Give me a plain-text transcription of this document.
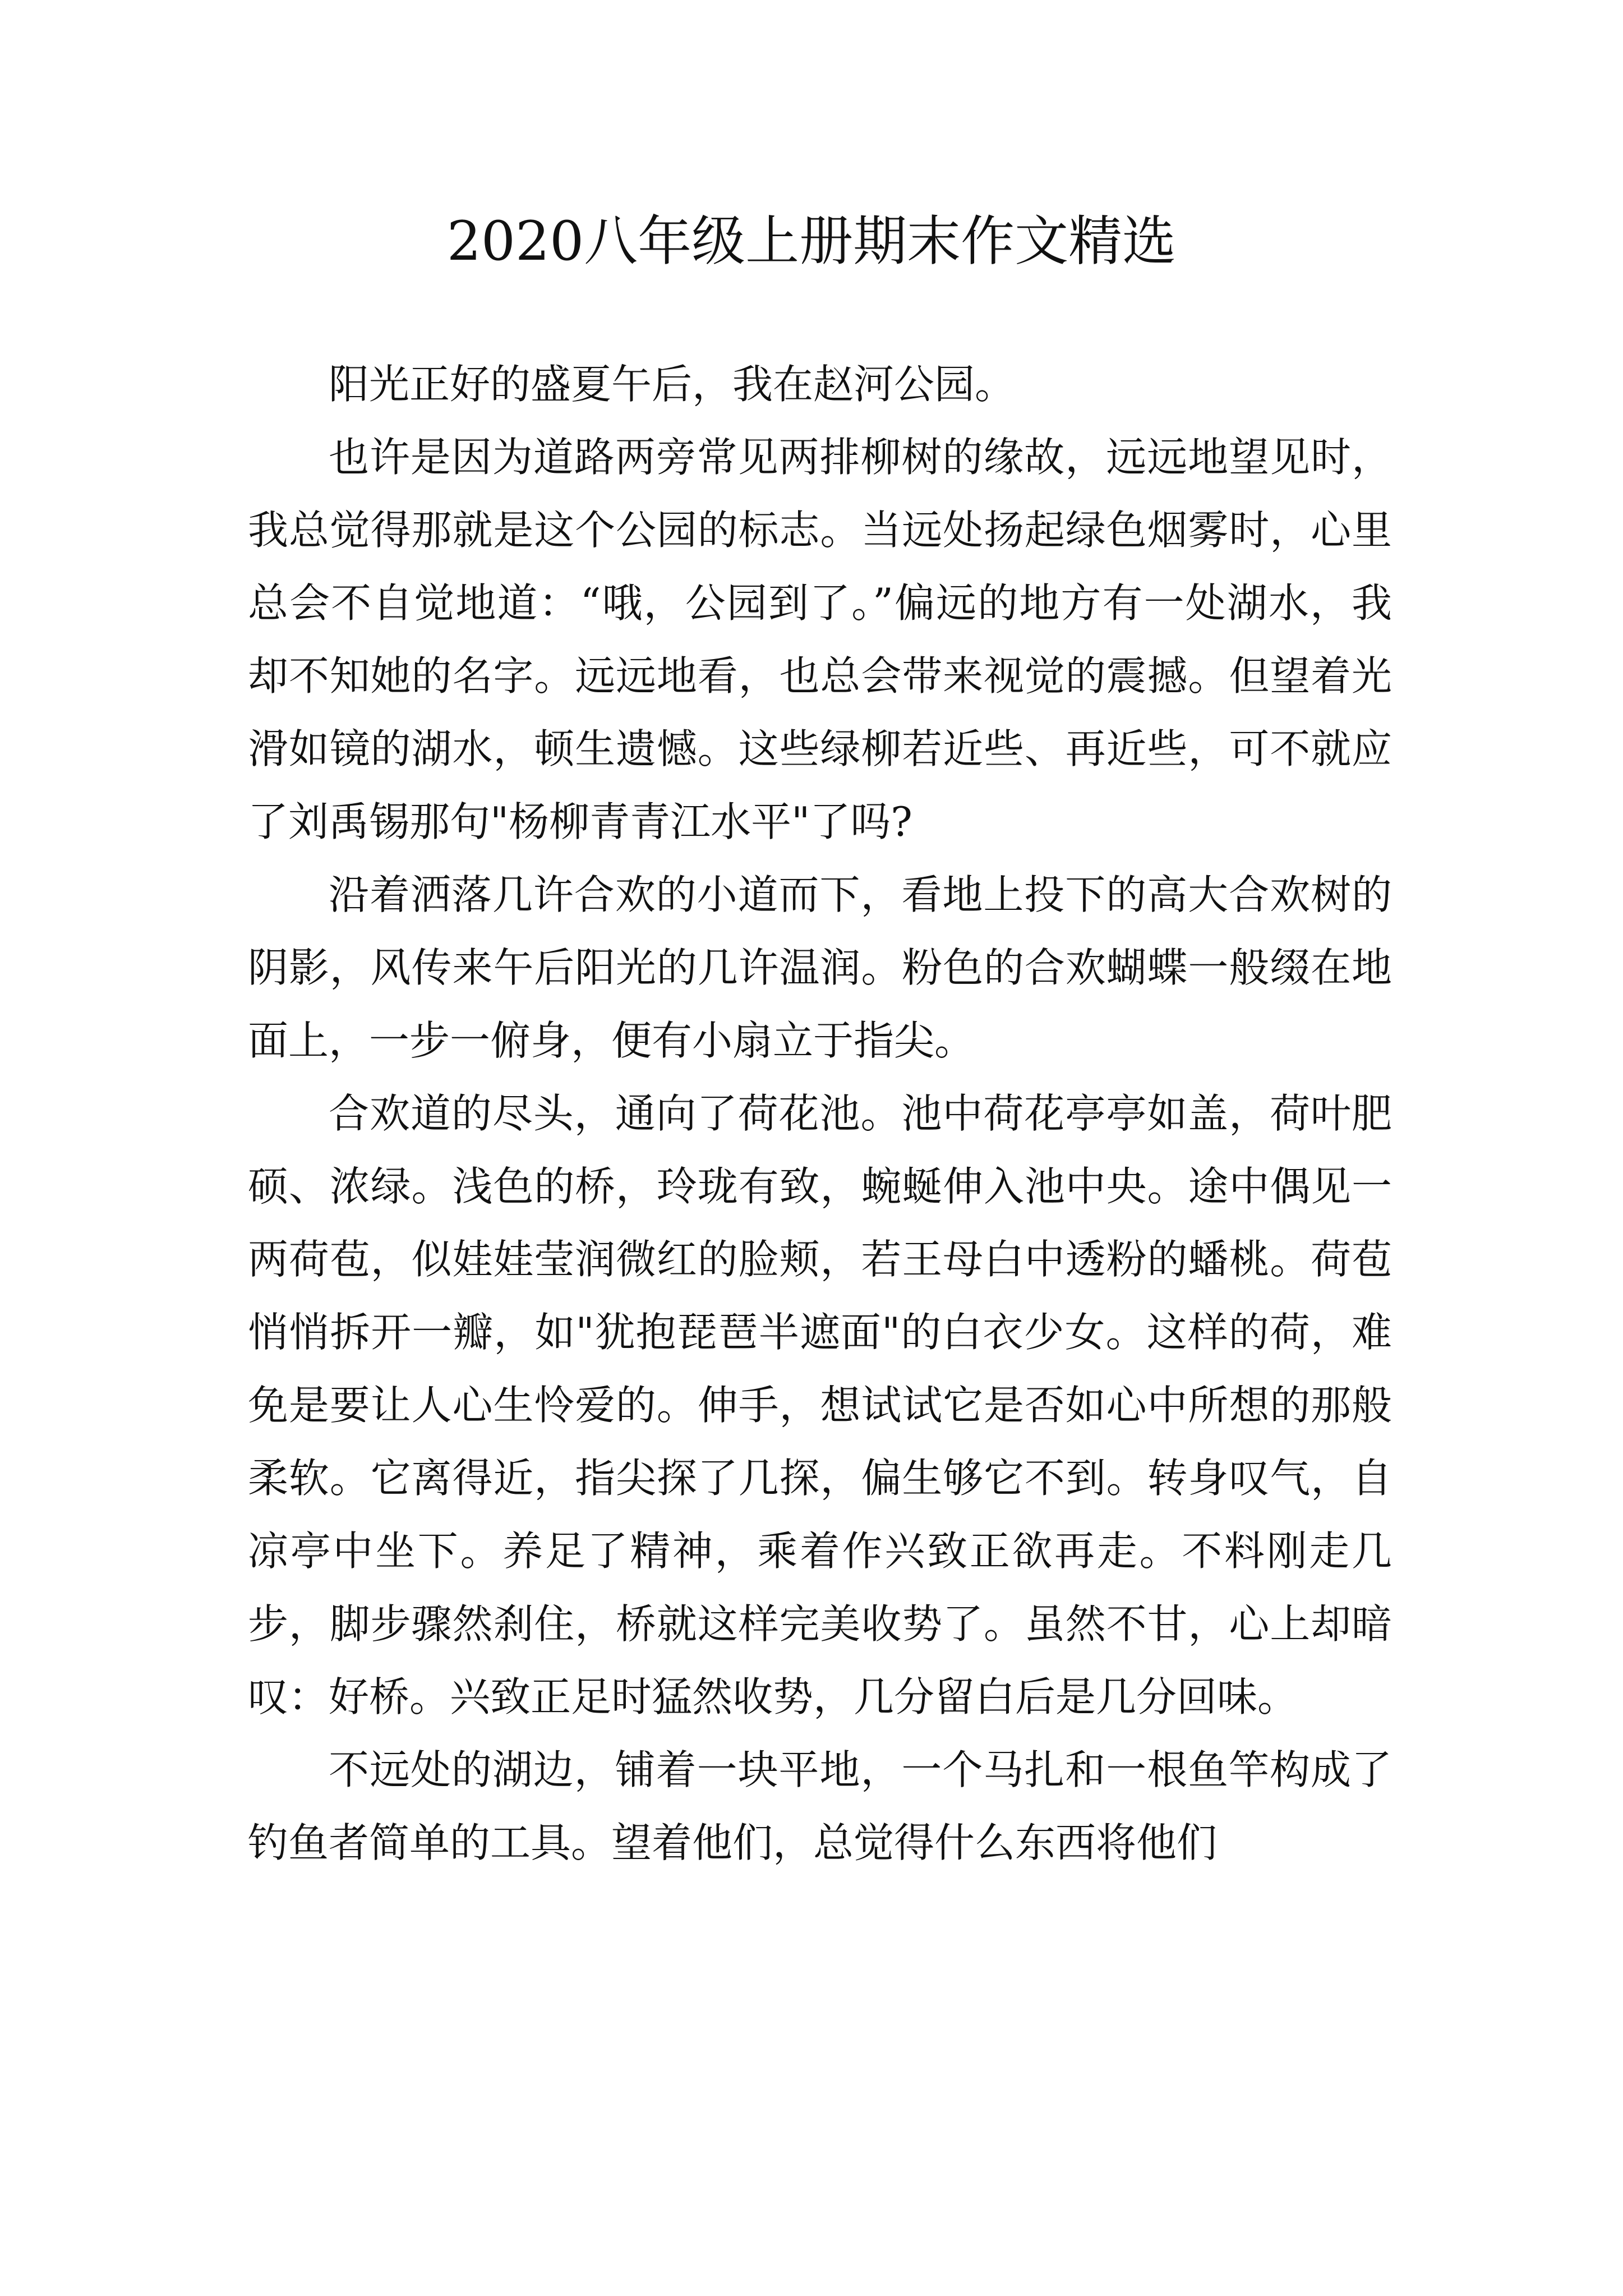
2020八年级上册期末作文精选

阳光正好的盛夏午后，我在赵河公园。

也许是因为道路两旁常见两排柳树的缘故，远远地望见时，我总觉得那就是这个公园的标志。当远处扬起绿色烟雾时，心里总会不自觉地道：“哦，公园到了。”偏远的地方有一处湖水，我却不知她的名字。远远地看，也总会带来视觉的震撼。但望着光滑如镜的湖水，顿生遗憾。这些绿柳若近些、再近些，可不就应了刘禹锡那句"杨柳青青江水平"了吗?

沿着洒落几许合欢的小道而下，看地上投下的高大合欢树的阴影，风传来午后阳光的几许温润。粉色的合欢蝴蝶一般缀在地面上，一步一俯身，便有小扇立于指尖。

合欢道的尽头，通向了荷花池。池中荷花亭亭如盖，荷叶肥硕、浓绿。浅色的桥，玲珑有致，蜿蜒伸入池中央。途中偶见一两荷苞，似娃娃莹润微红的脸颊，若王母白中透粉的蟠桃。荷苞悄悄拆开一瓣，如"犹抱琵琶半遮面"的白衣少女。这样的荷，难免是要让人心生怜爱的。伸手，想试试它是否如心中所想的那般柔软。它离得近，指尖探了几探，偏生够它不到。转身叹气，自凉亭中坐下。养足了精神，乘着作兴致正欲再走。不料刚走几步，脚步骤然刹住，桥就这样完美收势了。虽然不甘，心上却暗叹：好桥。兴致正足时猛然收势，几分留白后是几分回味。

不远处的湖边，铺着一块平地，一个马扎和一根鱼竿构成了钓鱼者简单的工具。望着他们，总觉得什么东西将他们
